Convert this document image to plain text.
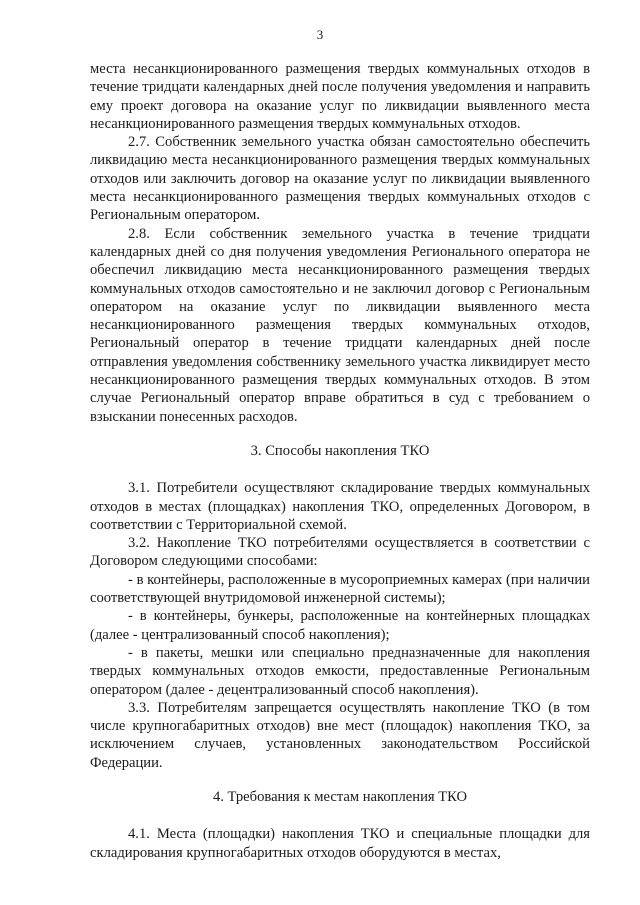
3

места несанкционированного размещения твердых коммунальных отходов в течение тридцати календарных дней после получения уведомления и направить ему проект договора на оказание услуг по ликвидации выявленного места несанкционированного размещения твердых коммунальных отходов.

2.7. Собственник земельного участка обязан самостоятельно обеспечить ликвидацию места несанкционированного размещения твердых коммунальных отходов или заключить договор на оказание услуг по ликвидации выявленного места несанкционированного размещения твердых коммунальных отходов с Региональным оператором.

2.8. Если собственник земельного участка в течение тридцати календарных дней со дня получения уведомления Регионального оператора не обеспечил ликвидацию места несанкционированного размещения твердых коммунальных отходов самостоятельно и не заключил договор с Региональным оператором на оказание услуг по ликвидации выявленного места несанкционированного размещения твердых коммунальных отходов, Региональный оператор в течение тридцати календарных дней после отправления уведомления собственнику земельного участка ликвидирует место несанкционированного размещения твердых коммунальных отходов. В этом случае Региональный оператор вправе обратиться в суд с требованием о взыскании понесенных расходов.

3. Способы накопления ТКО

3.1. Потребители осуществляют складирование твердых коммунальных отходов в местах (площадках) накопления ТКО, определенных Договором, в соответствии с Территориальной схемой.

3.2. Накопление ТКО потребителями осуществляется в соответствии с Договором следующими способами:

- в контейнеры, расположенные в мусороприемных камерах (при наличии соответствующей внутридомовой инженерной системы);

- в контейнеры, бункеры, расположенные на контейнерных площадках (далее - централизованный способ накопления);

- в пакеты, мешки или специально предназначенные для накопления твердых коммунальных отходов емкости, предоставленные Региональным оператором (далее - децентрализованный способ накопления).

3.3. Потребителям запрещается осуществлять накопление ТКО (в том числе крупногабаритных отходов) вне мест (площадок) накопления ТКО, за исключением случаев, установленных законодательством Российской Федерации.

4. Требования к местам накопления ТКО

4.1. Места (площадки) накопления ТКО и специальные площадки для складирования крупногабаритных отходов оборудуются в местах,
